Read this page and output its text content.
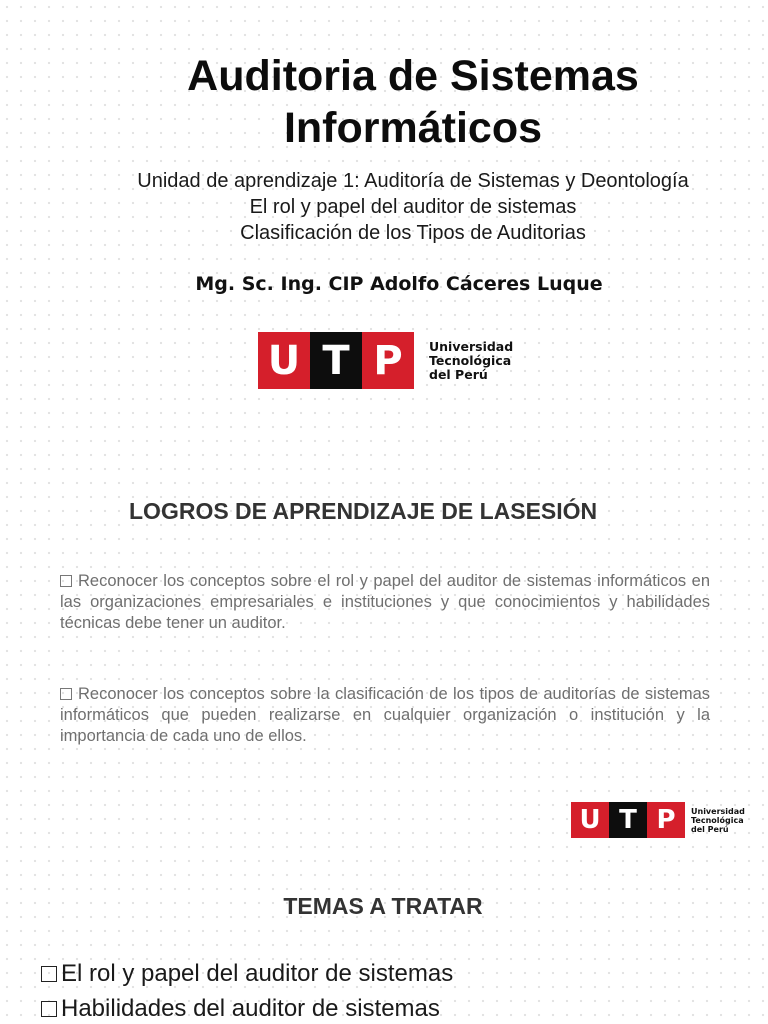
Auditoria de Sistemas
Informáticos
Unidad de aprendizaje 1: Auditoría de Sistemas y Deontología
El rol y papel del auditor de sistemas
Clasificación de los Tipos de Auditorias
Mg. Sc. Ing. CIP Adolfo Cáceres Luque
U T P	Universidad
Tecnológica
del Perú
LOGROS DE APRENDIZAJE DE LASESIÓN
Reconocer los conceptos sobre el rol y papel del auditor de sistemas informáticos en las organizaciones empresariales e instituciones y que conocimientos y habilidades técnicas debe tener un auditor.
Reconocer los conceptos sobre la clasificación de los tipos de auditorías de sistemas informáticos que pueden realizarse en cualquier organización o institución y la importancia de cada uno de ellos.
U T P	Universidad
Tecnológica
del Perú
TEMAS A TRATAR
El rol y papel del auditor de sistemas
Habilidades del auditor de sistemas
